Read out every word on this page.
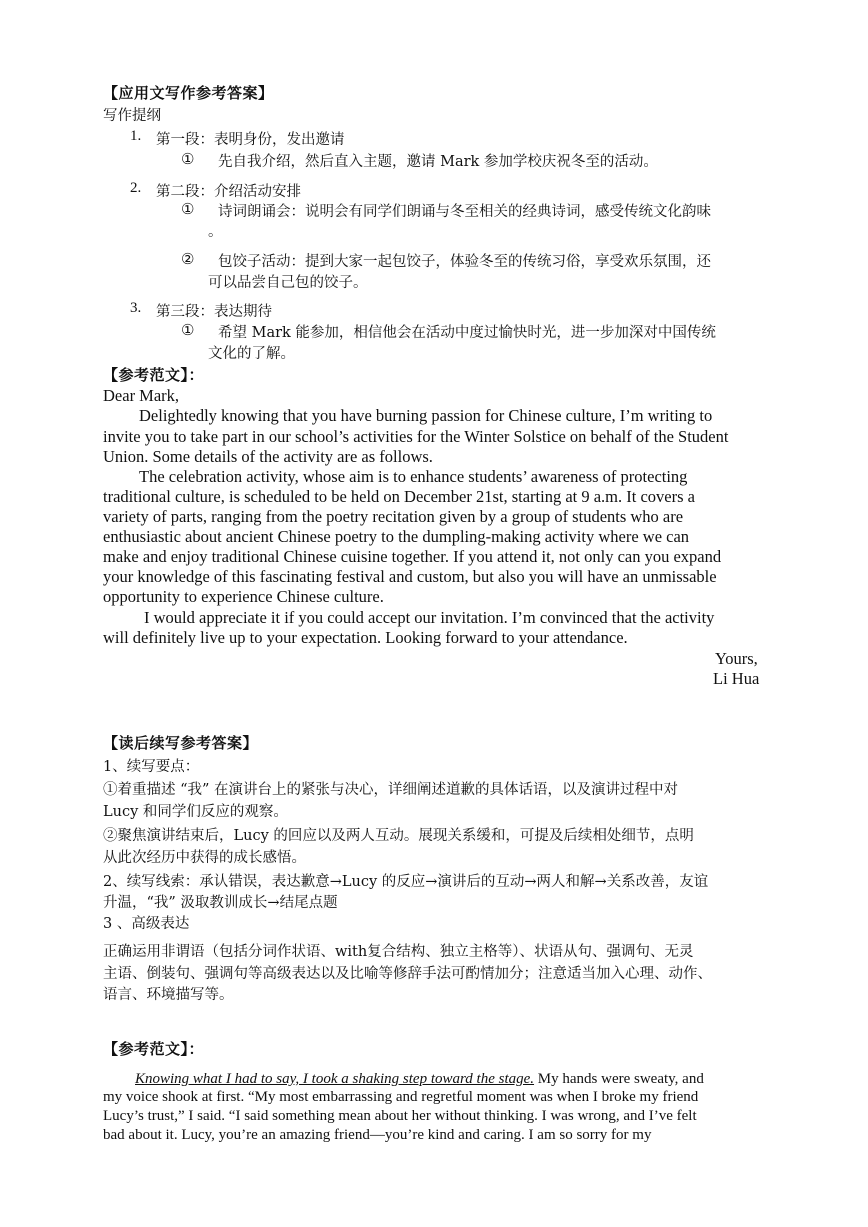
【应用文写作参考答案】
写作提纲
1. 第一段：表明身份，发出邀请
① 先自我介绍，然后直入主题，邀请 Mark 参加学校庆祝冬至的活动。
2. 第二段：介绍活动安排
① 诗词朗诵会：说明会有同学们朗诵与冬至相关的经典诗词，感受传统文化韵味
。
② 包饺子活动：提到大家一起包饺子，体验冬至的传统习俗，享受欢乐氛围，还
可以品尝自己包的饺子。
3. 第三段：表达期待
① 希望 Mark 能参加，相信他会在活动中度过愉快时光，进一步加深对中国传统
文化的了解。
【参考范文】：
Dear Mark,
Delightedly knowing that you have burning passion for Chinese culture, I’m writing to
invite you to take part in our school’s activities for the Winter Solstice on behalf of the Student
Union. Some details of the activity are as follows.
The celebration activity, whose aim is to enhance students’ awareness of protecting
traditional culture, is scheduled to be held on December 21st, starting at 9 a.m. It covers a
variety of parts, ranging from the poetry recitation given by a group of students who are
enthusiastic about ancient Chinese poetry to the dumpling-making activity where we can
make and enjoy traditional Chinese cuisine together. If you attend it, not only can you expand
your knowledge of this fascinating festival and custom, but also you will have an unmissable
opportunity to experience Chinese culture.
I would appreciate it if you could accept our invitation. I’m convinced that the activity
will definitely live up to your expectation. Looking forward to your attendance.
Yours,
Li Hua
【读后续写参考答案】
1、续写要点：
①着重描述 “我” 在演讲台上的紧张与决心，详细阐述道歉的具体话语，以及演讲过程中对
Lucy 和同学们反应的观察。
②聚焦演讲结束后，Lucy 的回应以及两人互动。展现关系缓和，可提及后续相处细节，点明
从此次经历中获得的成长感悟。
2、续写线索：承认错误，表达歉意→Lucy 的反应→演讲后的互动→两人和解→关系改善，友谊
升温，“我” 汲取教训成长→结尾点题
3 、高级表达
正确运用非谓语（包括分词作状语、with复合结构、独立主格等）、状语从句、强调句、无灵
主语、倒装句、强调句等高级表达以及比喻等修辞手法可酌情加分；注意适当加入心理、动作、
语言、环境描写等。
【参考范文】：
Knowing what I had to say, I took a shaking step toward the stage. My hands were sweaty, and
my voice shook at first. “My most embarrassing and regretful moment was when I broke my friend
Lucy’s trust,” I said. “I said something mean about her without thinking. I was wrong, and I’ve felt
bad about it. Lucy, you’re an amazing friend—you’re kind and caring. I am so sorry for my
